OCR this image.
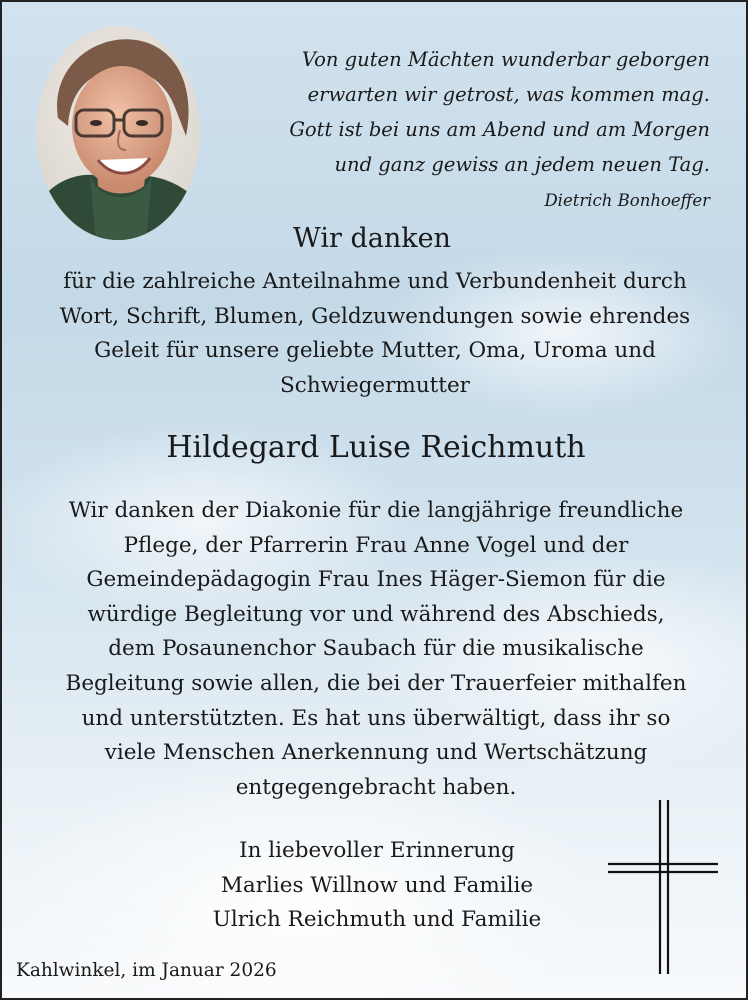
Von guten Mächten wunderbar geborgen
erwarten wir getrost, was kommen mag.
Gott ist bei uns am Abend und am Morgen
und ganz gewiss an jedem neuen Tag.
Dietrich Bonhoeffer
Wir danken
für die zahlreiche Anteilnahme und Verbundenheit durch
Wort, Schrift, Blumen, Geldzuwendungen sowie ehrendes
Geleit für unsere geliebte Mutter, Oma, Uroma und
Schwiegermutter
Hildegard Luise Reichmuth
Wir danken der Diakonie für die langjährige freundliche
Pflege, der Pfarrerin Frau Anne Vogel und der
Gemeindepädagogin Frau Ines Häger-Siemon für die
würdige Begleitung vor und während des Abschieds,
dem Posaunenchor Saubach für die musikalische
Begleitung sowie allen, die bei der Trauerfeier mithalfen
und unterstützten. Es hat uns überwältigt, dass ihr so
viele Menschen Anerkennung und Wertschätzung
entgegengebracht haben.
In liebevoller Erinnerung
Marlies Willnow und Familie
Ulrich Reichmuth und Familie
Kahlwinkel, im Januar 2026
